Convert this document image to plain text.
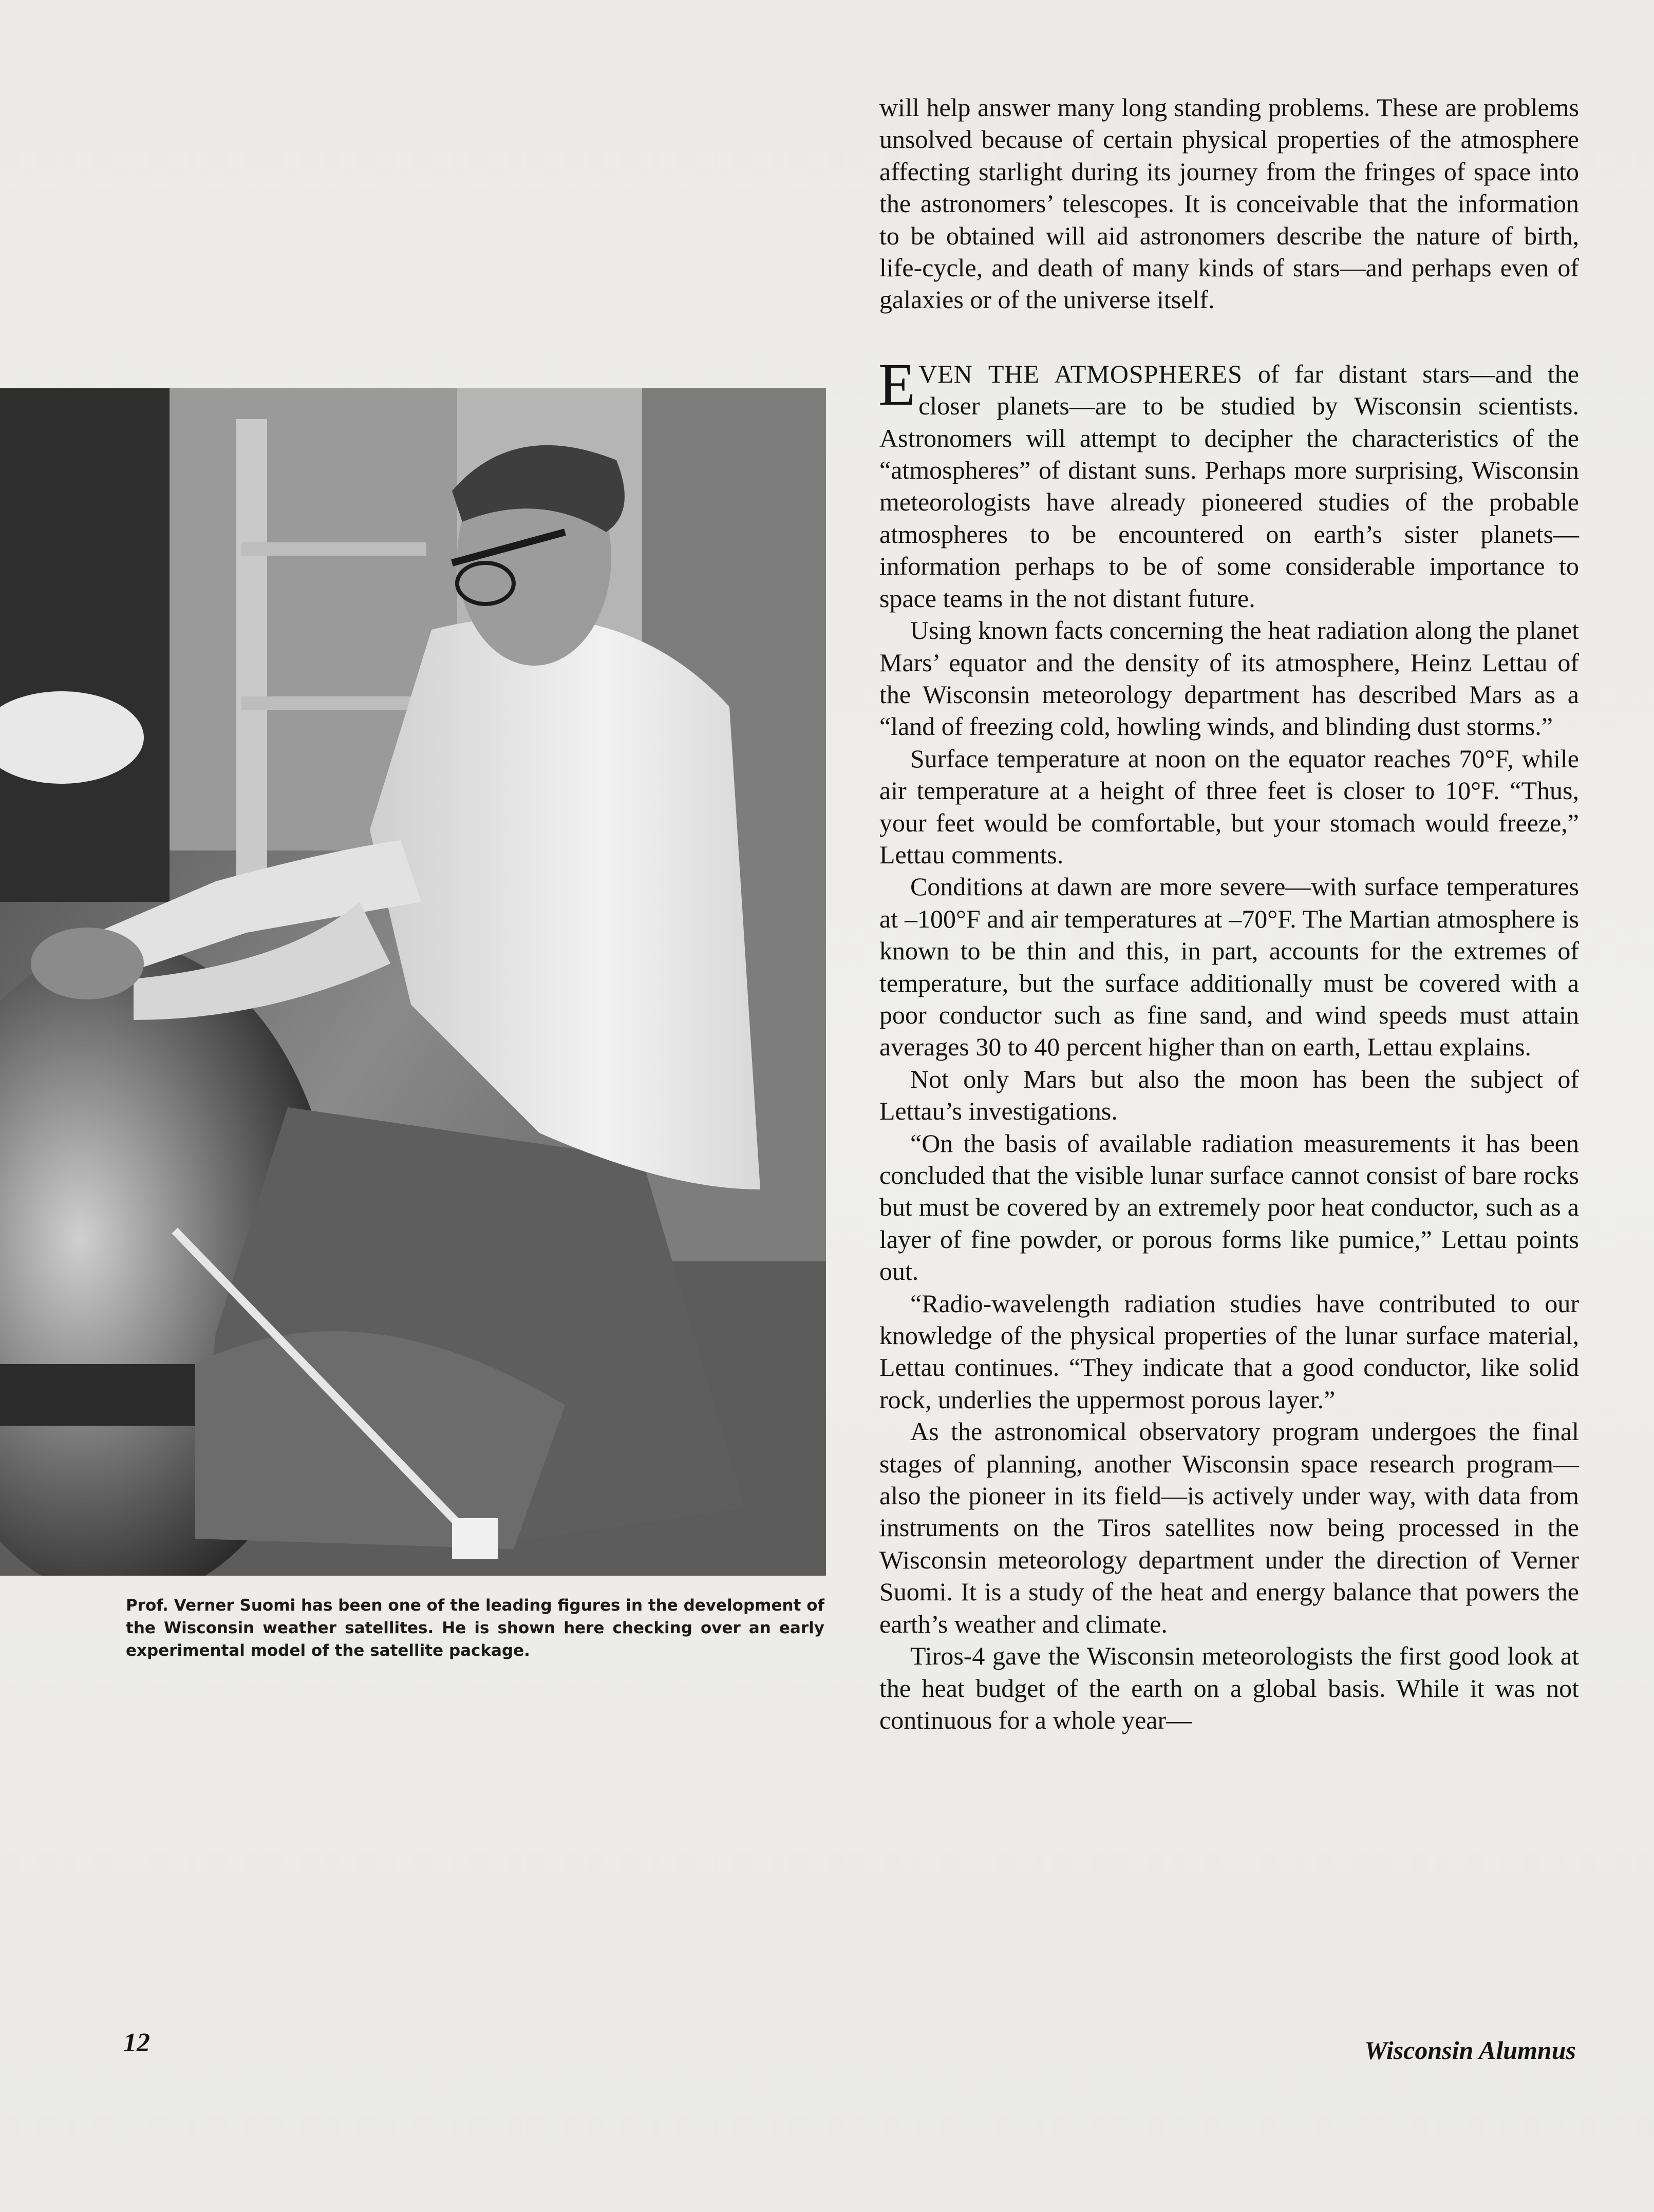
Prof. Verner Suomi has been one of the leading figures in the development of the Wisconsin weather satellites. He is shown here checking over an early experimental model of the satellite package.

will help answer many long standing problems. These are problems unsolved because of certain physical properties of the atmosphere affecting starlight during its journey from the fringes of space into the astronomers’ telescopes. It is conceivable that the information to be obtained will aid astronomers describe the nature of birth, life-cycle, and death of many kinds of stars—and perhaps even of galaxies or of the universe itself.

EVEN THE ATMOSPHERES of far distant stars—and the closer planets—are to be studied by Wisconsin scientists. Astronomers will attempt to decipher the characteristics of the “atmospheres” of distant suns. Perhaps more surprising, Wisconsin meteorologists have already pioneered studies of the probable atmospheres to be encountered on earth’s sister planets—information perhaps to be of some considerable importance to space teams in the not distant future.

Using known facts concerning the heat radiation along the planet Mars’ equator and the density of its atmosphere, Heinz Lettau of the Wisconsin meteorology department has described Mars as a “land of freezing cold, howling winds, and blinding dust storms.”

Surface temperature at noon on the equator reaches 70°F, while air temperature at a height of three feet is closer to 10°F. “Thus, your feet would be comfortable, but your stomach would freeze,” Lettau comments.

Conditions at dawn are more severe—with surface temperatures at –100°F and air temperatures at –70°F. The Martian atmosphere is known to be thin and this, in part, accounts for the extremes of temperature, but the surface additionally must be covered with a poor conductor such as fine sand, and wind speeds must attain averages 30 to 40 percent higher than on earth, Lettau explains.

Not only Mars but also the moon has been the subject of Lettau’s investigations.

“On the basis of available radiation measurements it has been concluded that the visible lunar surface cannot consist of bare rocks but must be covered by an extremely poor heat conductor, such as a layer of fine powder, or porous forms like pumice,” Lettau points out.

“Radio-wavelength radiation studies have contributed to our knowledge of the physical properties of the lunar surface material, Lettau continues. “They indicate that a good conductor, like solid rock, underlies the uppermost porous layer.”

As the astronomical observatory program undergoes the final stages of planning, another Wisconsin space research program—also the pioneer in its field—is actively under way, with data from instruments on the Tiros satellites now being processed in the Wisconsin meteorology department under the direction of Verner Suomi. It is a study of the heat and energy balance that powers the earth’s weather and climate.

Tiros-4 gave the Wisconsin meteorologists the first good look at the heat budget of the earth on a global basis. While it was not continuous for a whole year—

12	Wisconsin Alumnus
